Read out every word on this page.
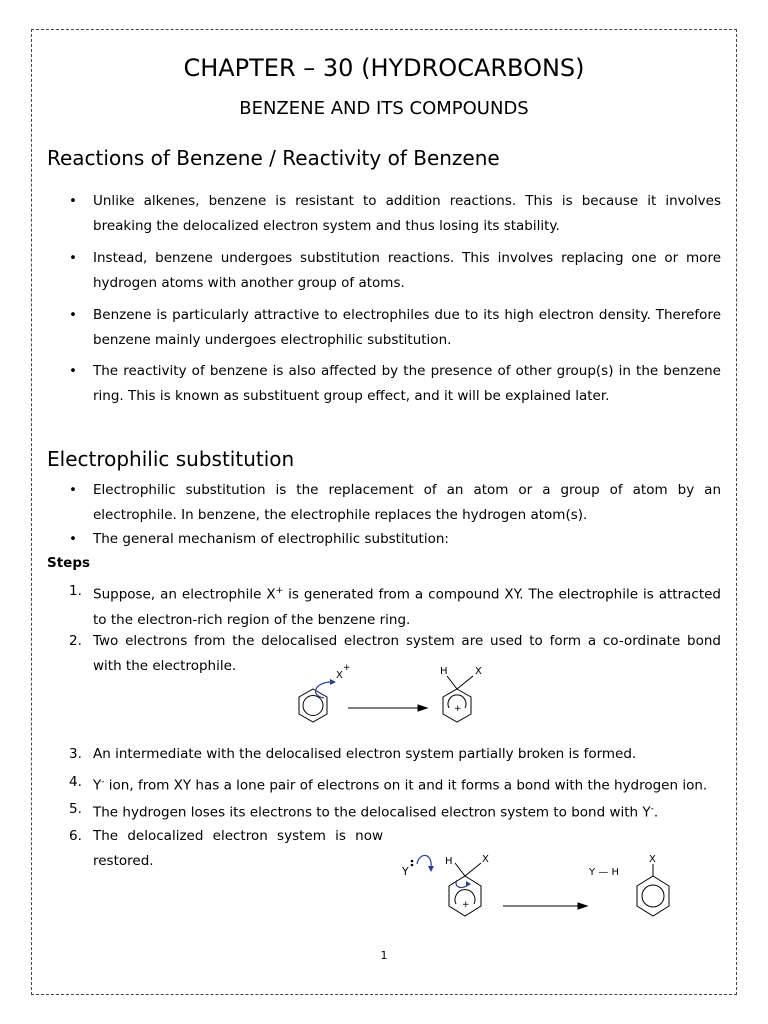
CHAPTER – 30 (HYDROCARBONS)
BENZENE AND ITS COMPOUNDS
Reactions of Benzene / Reactivity of Benzene
• Unlike alkenes, benzene is resistant to addition reactions. This is because it involves breaking the delocalized electron system and thus losing its stability.
• Instead, benzene undergoes substitution reactions. This involves replacing one or more hydrogen atoms with another group of atoms.
• Benzene is particularly attractive to electrophiles due to its high electron density. Therefore benzene mainly undergoes electrophilic substitution.
• The reactivity of benzene is also affected by the presence of other group(s) in the benzene ring. This is known as substituent group effect, and it will be explained later.
Electrophilic substitution
• Electrophilic substitution is the replacement of an atom or a group of atom by an electrophile. In benzene, the electrophile replaces the hydrogen atom(s).
• The general mechanism of electrophilic substitution:
Steps
1. Suppose, an electrophile X+ is generated from a compound XY. The electrophile is attracted to the electron-rich region of the benzene ring.
2. Two electrons from the delocalised electron system are used to form a co-ordinate bond with the electrophile.
3. An intermediate with the delocalised electron system partially broken is formed.
4. Y- ion, from XY has a lone pair of electrons on it and it forms a bond with the hydrogen ion.
5. The hydrogen loses its electrons to the delocalised electron system to bond with Y-.
6. The delocalized electron system is now restored.
X
+	H	X
+
Y
H	X
+
Y — H
X
1
